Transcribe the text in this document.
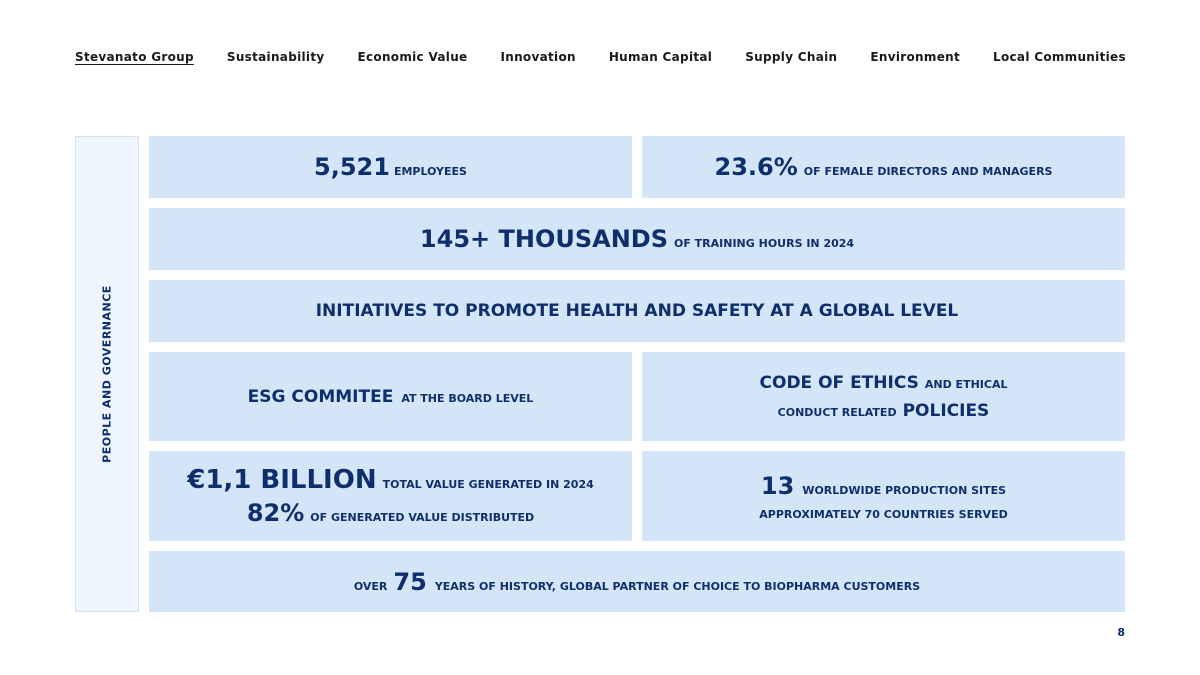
Stevanato Group	Sustainability	Economic Value	Innovation	Human Capital	Supply Chain	Environment	Local Communities
PEOPLE AND GOVERNANCE
5,521 EMPLOYEES	23.6% OF FEMALE DIRECTORS AND MANAGERS
145+ THOUSANDS OF TRAINING HOURS IN 2024
INITIATIVES TO PROMOTE HEALTH AND SAFETY AT A GLOBAL LEVEL
ESG COMMITEE AT THE BOARD LEVEL
CODE OF ETHICS AND ETHICAL
CONDUCT RELATED POLICIES
€1,1 BILLION TOTAL VALUE GENERATED IN 2024
82% OF GENERATED VALUE DISTRIBUTED
13 WORLDWIDE PRODUCTION SITES
APPROXIMATELY 70 COUNTRIES SERVED
OVER 75 YEARS OF HISTORY, GLOBAL PARTNER OF CHOICE TO BIOPHARMA CUSTOMERS
8
